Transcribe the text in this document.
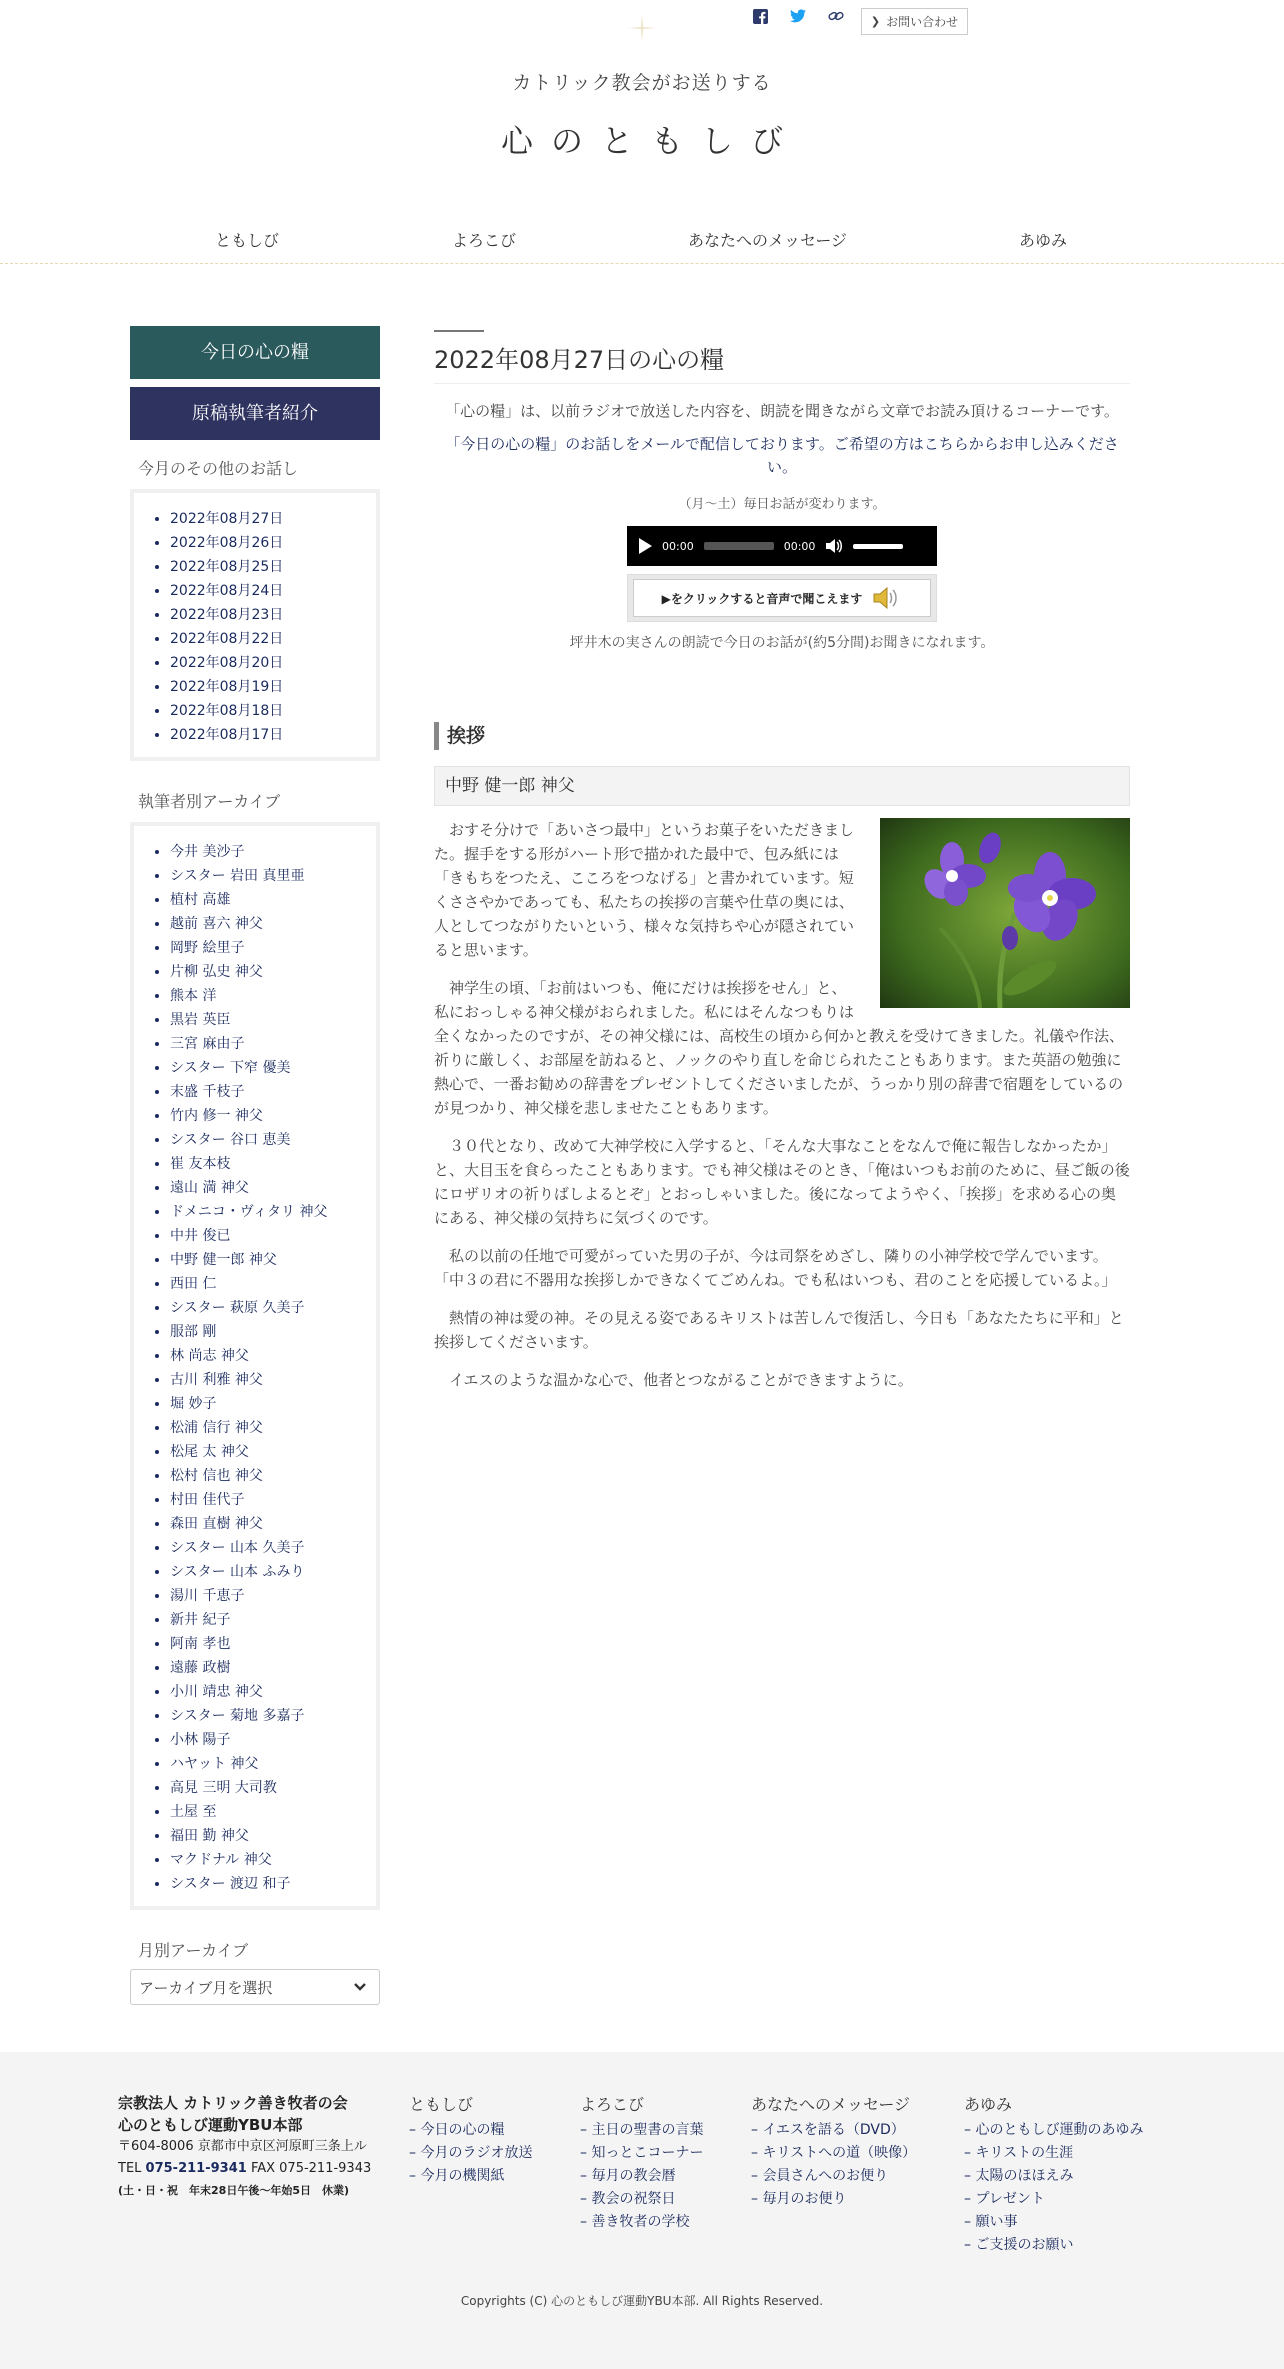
❯ お問い合わせ
カトリック教会がお送りする
心のともしび
ともしび	よろこび	あなたへのメッセージ	あゆみ
今日の心の糧
原稿執筆者紹介
今月のその他のお話し
• 2022年08月27日
• 2022年08月26日
• 2022年08月25日
• 2022年08月24日
• 2022年08月23日
• 2022年08月22日
• 2022年08月20日
• 2022年08月19日
• 2022年08月18日
• 2022年08月17日
執筆者別アーカイブ
• 今井 美沙子
• シスター 岩田 真里亜
• 植村 高雄
• 越前 喜六 神父
• 岡野 絵里子
• 片柳 弘史 神父
• 熊本 洋
• 黒岩 英臣
• 三宮 麻由子
• シスター 下窄 優美
• 末盛 千枝子
• 竹内 修一 神父
• シスター 谷口 恵美
• 崔 友本枝
• 遠山 満 神父
• ドメニコ・ヴィタリ 神父
• 中井 俊已
• 中野 健一郎 神父
• 西田 仁
• シスター 萩原 久美子
• 服部 剛
• 林 尚志 神父
• 古川 利雅 神父
• 堀 妙子
• 松浦 信行 神父
• 松尾 太 神父
• 松村 信也 神父
• 村田 佳代子
• 森田 直樹 神父
• シスター 山本 久美子
• シスター 山本 ふみり
• 湯川 千恵子
• 新井 紀子
• 阿南 孝也
• 遠藤 政樹
• 小川 靖忠 神父
• シスター 菊地 多嘉子
• 小林 陽子
• ハヤット 神父
• 高見 三明 大司教
• 土屋 至
• 福田 勤 神父
• マクドナル 神父
• シスター 渡辺 和子
月別アーカイブ
アーカイブ月を選択
2022年08月27日の心の糧

「心の糧」は、以前ラジオで放送した内容を、朗読を聞きながら文章でお読み頂けるコーナーです。

「今日の心の糧」のお話しをメールで配信しております。ご希望の方はこちらからお申し込みください。

（月～土）毎日お話が変わります。

00:00	00:00
▶をクリックすると音声で聞こえます

坪井木の実さんの朗読で今日のお話が(約5分間)お聞きになれます。

挨拶
中野 健一郎 神父

おすそ分けで「あいさつ最中」というお菓子をいただきました。握手をする形がハート形で描かれた最中で、包み紙には「きもちをつたえ、こころをつなげる」と書かれています。短くささやかであっても、私たちの挨拶の言葉や仕草の奥には、人としてつながりたいという、様々な気持ちや心が隠されていると思います。

神学生の頃、「お前はいつも、俺にだけは挨拶をせん」と、私におっしゃる神父様がおられました。私にはそんなつもりは全くなかったのですが、その神父様には、高校生の頃から何かと教えを受けてきました。礼儀や作法、祈りに厳しく、お部屋を訪ねると、ノックのやり直しを命じられたこともあります。また英語の勉強に熱心で、一番お勧めの辞書をプレゼントしてくださいましたが、うっかり別の辞書で宿題をしているのが見つかり、神父様を悲しませたこともあります。

３０代となり、改めて大神学校に入学すると、「そんな大事なことをなんで俺に報告しなかったか」と、大目玉を食らったこともあります。でも神父様はそのとき、「俺はいつもお前のために、昼ご飯の後にロザリオの祈りばしよるとぞ」とおっしゃいました。後になってようやく、「挨拶」を求める心の奥にある、神父様の気持ちに気づくのです。

私の以前の任地で可愛がっていた男の子が、今は司祭をめざし、隣りの小神学校で学んでいます。「中３の君に不器用な挨拶しかできなくてごめんね。でも私はいつも、君のことを応援しているよ。」

熱情の神は愛の神。その見える姿であるキリストは苦しんで復活し、今日も「あなたたちに平和」と挨拶してくださいます。

イエスのような温かな心で、他者とつながることができますように。

宗教法人 カトリック善き牧者の会
心のともしび運動YBU本部
〒604-8006 京都市中京区河原町三条上ル
TEL 075-211-9341 FAX 075-211-9343
(土・日・祝　年末28日午後〜年始5日　休業)
ともしび
– 今日の心の糧
– 今月のラジオ放送
– 今月の機関紙
よろこび
– 主日の聖書の言葉
– 知っとこコーナー
– 毎月の教会暦
– 教会の祝祭日
– 善き牧者の学校
あなたへのメッセージ
– イエスを語る（DVD）
– キリストへの道（映像）
– 会員さんへのお便り
– 毎月のお便り
あゆみ
– 心のともしび運動のあゆみ
– キリストの生涯
– 太陽のほほえみ
– プレゼント
– 願い事
– ご支援のお願い
Copyrights (C) 心のともしび運動YBU本部. All Rights Reserved.
